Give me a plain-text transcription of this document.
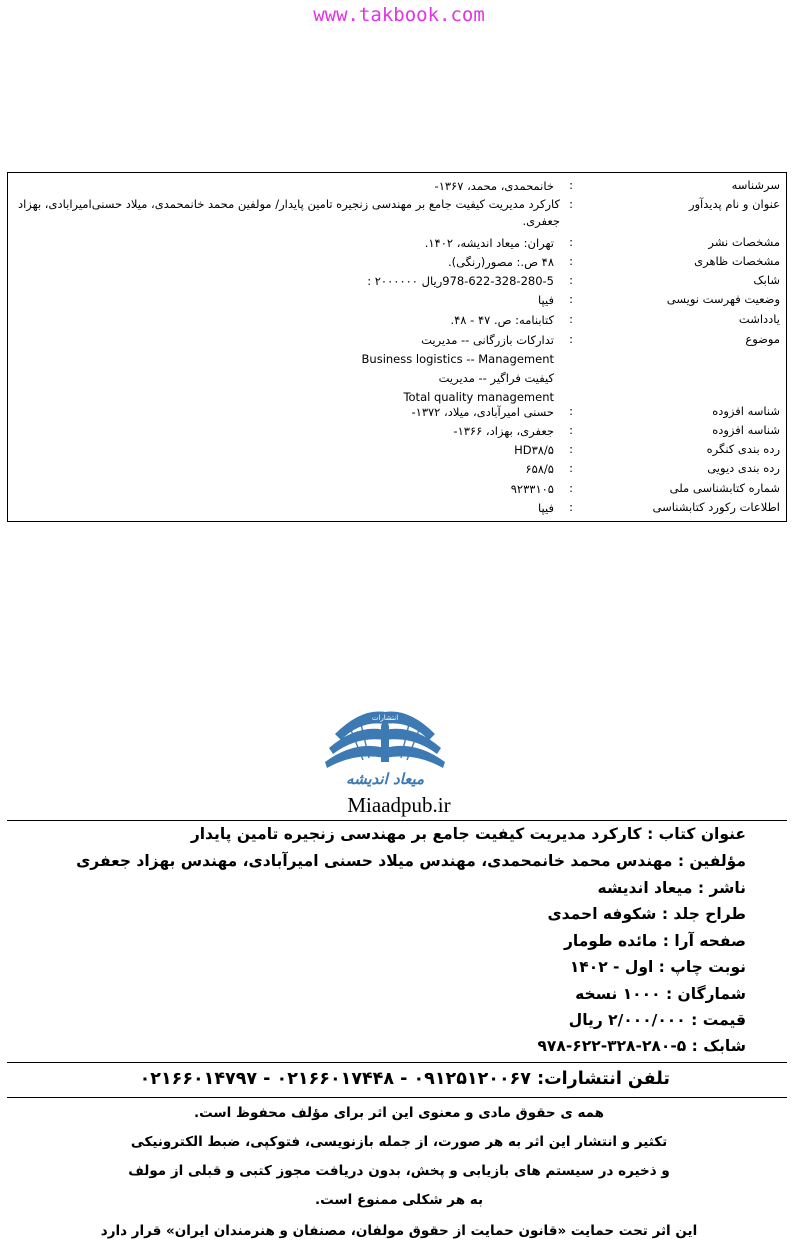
www.takbook.com
سرشناسه
:
خانمحمدی، محمد، ۱۳۶۷-
عنوان و نام پدیدآور
:
کارکرد مدیریت کیفیت جامع بر مهندسی زنجیره تامین پایدار/ مولفین محمد خانمحمدی، میلاد حسنی‌امیرابادی، بهزاد
جعفری.
مشخصات نشر
:
تهران: میعاد اندیشه، ۱۴۰۲.
مشخصات ظاهری
:
۴۸ ص.: مصور(رنگی).
شابک
:
978-622-328-280-5ریال ۲۰۰۰۰۰۰ :
وضعیت فهرست نویسی
:
فیپا
یادداشت
:
کتابنامه: ص. ۴۷ - ۴۸.
موضوع
:
تدارکات بازرگانی -- مدیریت
Business logistics -- Management
کیفیت فراگیر -- مدیریت
Total quality management
شناسه افزوده
:
حسنی امیرآبادی، میلاد، ۱۳۷۲-
شناسه افزوده
:
جعفری، بهزاد، ۱۳۶۶-
رده بندی کنگره
:
HD۳۸/۵
رده بندی دیویی
:
۶۵۸/۵
شماره کتابشناسی ملی
:
۹۲۳۳۱۰۵
اطلاعات رکورد کتابشناسی
:
فیپا
انتشارات
میعاد اندیشه
Miaadpub.ir
عنوان کتاب : کارکرد مدیریت کیفیت جامع بر مهندسی زنجیره تامین پایدار
مؤلفین : مهندس محمد خانمحمدی، مهندس میلاد حسنی امیرآبادی، مهندس بهزاد جعفری
ناشر : میعاد اندیشه
طراح جلد : شکوفه احمدی
صفحه آرا : مائده طومار
نوبت چاپ : اول - ۱۴۰۲
شمارگان : ۱۰۰۰ نسخه
قیمت : ۲/۰۰۰/۰۰۰ ریال
شابک : ۵-۲۸۰-۳۲۸-۶۲۲-۹۷۸
تلفن انتشارات: ۰۹۱۲۵۱۲۰۰۶۷ - ۰۲۱۶۶۰۱۷۴۴۸ - ۰۲۱۶۶۰۱۴۷۹۷
همه ی حقوق مادی و معنوی این اثر برای مؤلف محفوظ است.
تکثیر و انتشار این اثر به هر صورت، از جمله بازنویسی، فتوکپی، ضبط الکترونیکی
و ذخیره در سیستم های بازیابی و پخش، بدون دریافت مجوز کتبی و قبلی از مولف
به هر شکلی ممنوع است.
این اثر تحت حمایت «قانون حمایت از حقوق مولفان، مصنفان و هنرمندان ایران» قرار دارد
